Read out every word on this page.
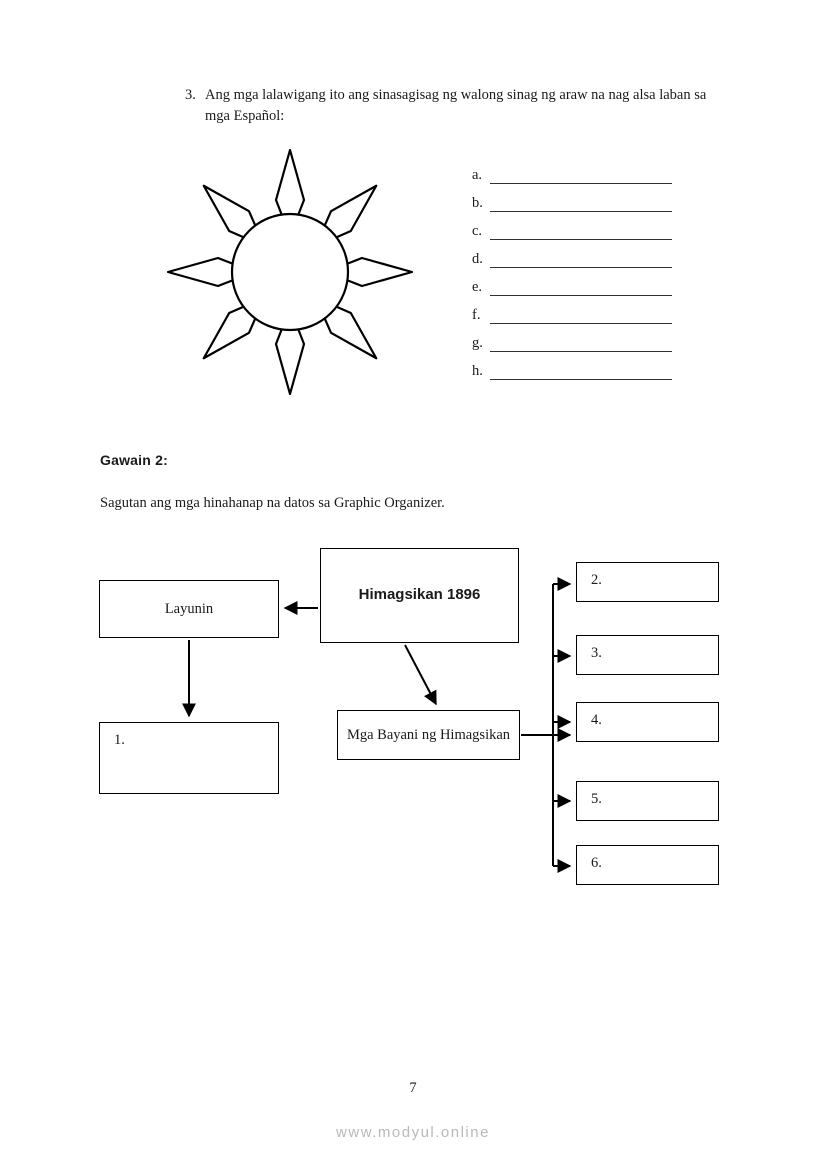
3. Ang mga lalawigang ito ang sinasagisag ng walong sinag ng araw na nag alsa laban sa mga Español:
a.
b.
c.
d.
e.
f.
g.
h.
Gawain 2:
Sagutan ang mga hinahanap na datos sa Graphic Organizer.
Himagsikan 1896
Layunin
1.	Mga Bayani ng Himagsikan
2.
3.
4.
5.
6.
7
www.modyul.online
